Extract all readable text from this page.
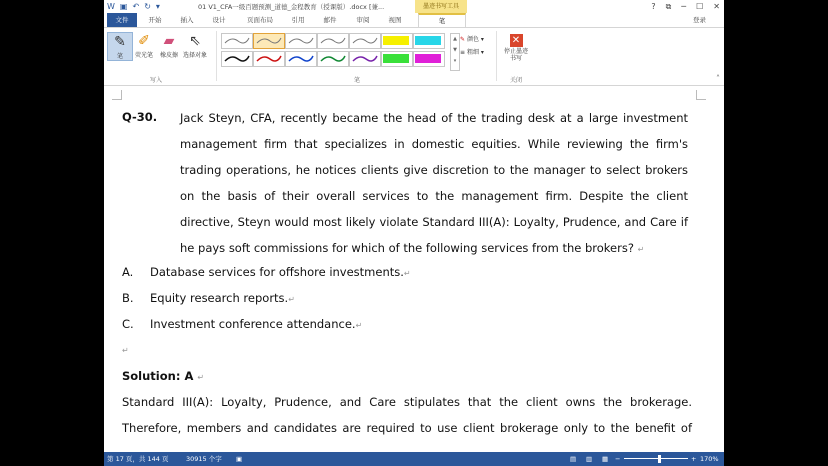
W ▣ ↶ ↻ ▾	01 V1_CFA一级百题预测_道德_金程教育（授课版）.docx [兼...	墨迹书写工具	? ⧉ ─ ☐ ✕
文件	开始	插入	设计	页面布局	引用	邮件	审阅	视图	笔	登录
✎
笔
✐
荧光笔
▰
橡皮擦
⇖
选择对象
写入
▲
▼
▾
✎ 颜色 ▾
≡ 粗细 ▾
笔
✕
停止墨迹书写
关闭	˄
Q-30. Jack Steyn, CFA, recently became the head of the trading desk at a large investment
management firm that specializes in domestic equities. While reviewing the firm's
trading operations, he notices clients give discretion to the manager to select brokers
on the basis of their overall services to the management firm. Despite the client
directive, Steyn would most likely violate Standard III(A): Loyalty, Prudence, and Care if
he pays soft commissions for which of the following services from the brokers? ↵
A. Database services for offshore investments.↵
B. Equity research reports.↵
C. Investment conference attendance.↵
↵
Solution: A ↵
Standard III(A): Loyalty, Prudence, and Care stipulates that the client owns the brokerage.
Therefore, members and candidates are required to use client brokerage only to the benefit of
第 17 页，共 144 页	30915 个字 ▣	▤ ▥ ▦ −	+ 170%
